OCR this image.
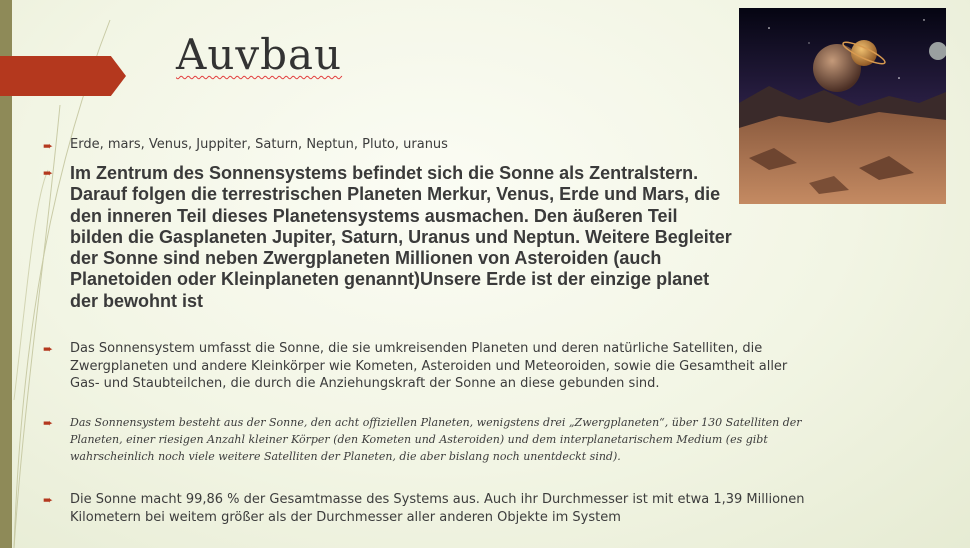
Auvbau
➨ Erde, mars, Venus, Juppiter, Saturn, Neptun, Pluto, uranus
➨ Im Zentrum des Sonnensystems befindet sich die Sonne als Zentralstern. Darauf folgen die terrestrischen Planeten Merkur, Venus, Erde und Mars, die den inneren Teil dieses Planetensystems ausmachen. Den äußeren Teil bilden die Gasplaneten Jupiter, Saturn, Uranus und Neptun. Weitere Begleiter der Sonne sind neben Zwergplaneten Millionen von Asteroiden (auch Planetoiden oder Kleinplaneten genannt)Unsere Erde ist der einzige planet der bewohnt ist
➨ Das Sonnensystem umfasst die Sonne, die sie umkreisenden Planeten und deren natürliche Satelliten, die Zwergplaneten und andere Kleinkörper wie Kometen, Asteroiden und Meteoroiden, sowie die Gesamtheit aller Gas- und Staubteilchen, die durch die Anziehungskraft der Sonne an diese gebunden sind.
➨ Das Sonnensystem besteht aus der Sonne, den acht offiziellen Planeten, wenigstens drei „Zwergplaneten“, über 130 Satelliten der Planeten, einer riesigen Anzahl kleiner Körper (den Kometen und Asteroiden) und dem interplanetarischem Medium (es gibt wahrscheinlich noch viele weitere Satelliten der Planeten, die aber bislang noch unentdeckt sind).
➨ Die Sonne macht 99,86 % der Gesamtmasse des Systems aus. Auch ihr Durchmesser ist mit etwa 1,39 Millionen Kilometern bei weitem größer als der Durchmesser aller anderen Objekte im System
